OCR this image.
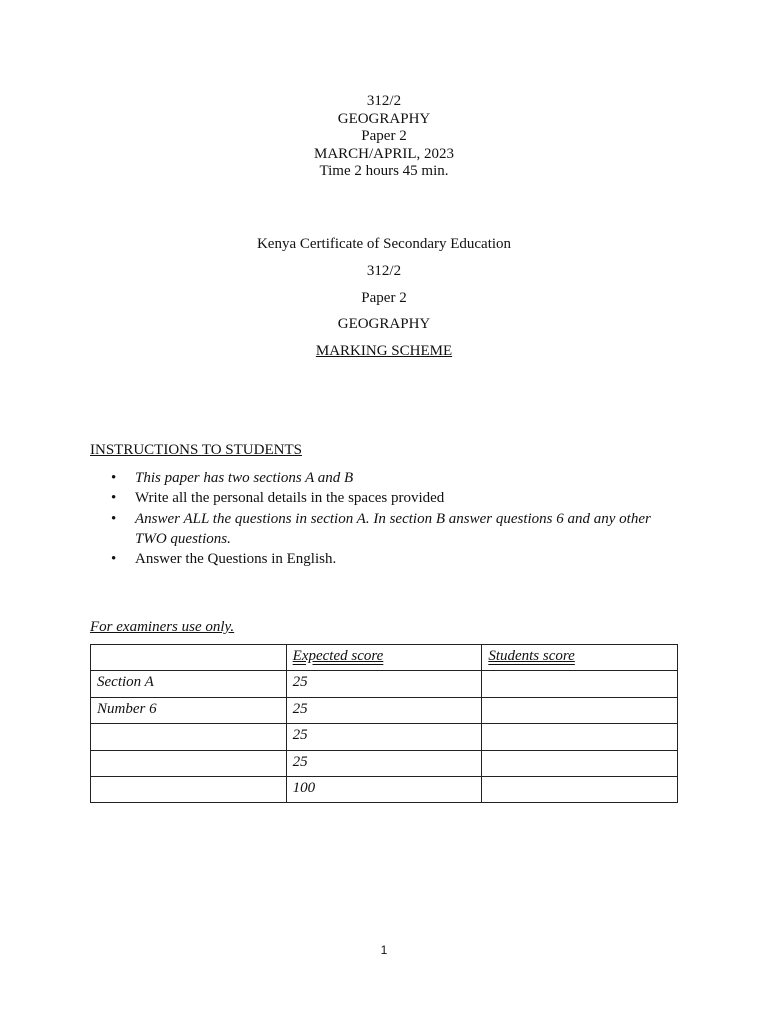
312/2
GEOGRAPHY
Paper 2
MARCH/APRIL, 2023
Time 2 hours 45 min.
Kenya Certificate of Secondary Education
312/2
Paper 2
GEOGRAPHY
MARKING SCHEME
INSTRUCTIONS TO STUDENTS
• This paper has two sections A and B
• Write all the personal details in the spaces provided
• Answer ALL the questions in section A. In section B answer questions 6 and any other TWO questions.
• Answer the Questions in English.
For examiners use only.
	Expected score	Students score
Section A	25	
Number 6	25	
	25	
	25	
	100	
1
